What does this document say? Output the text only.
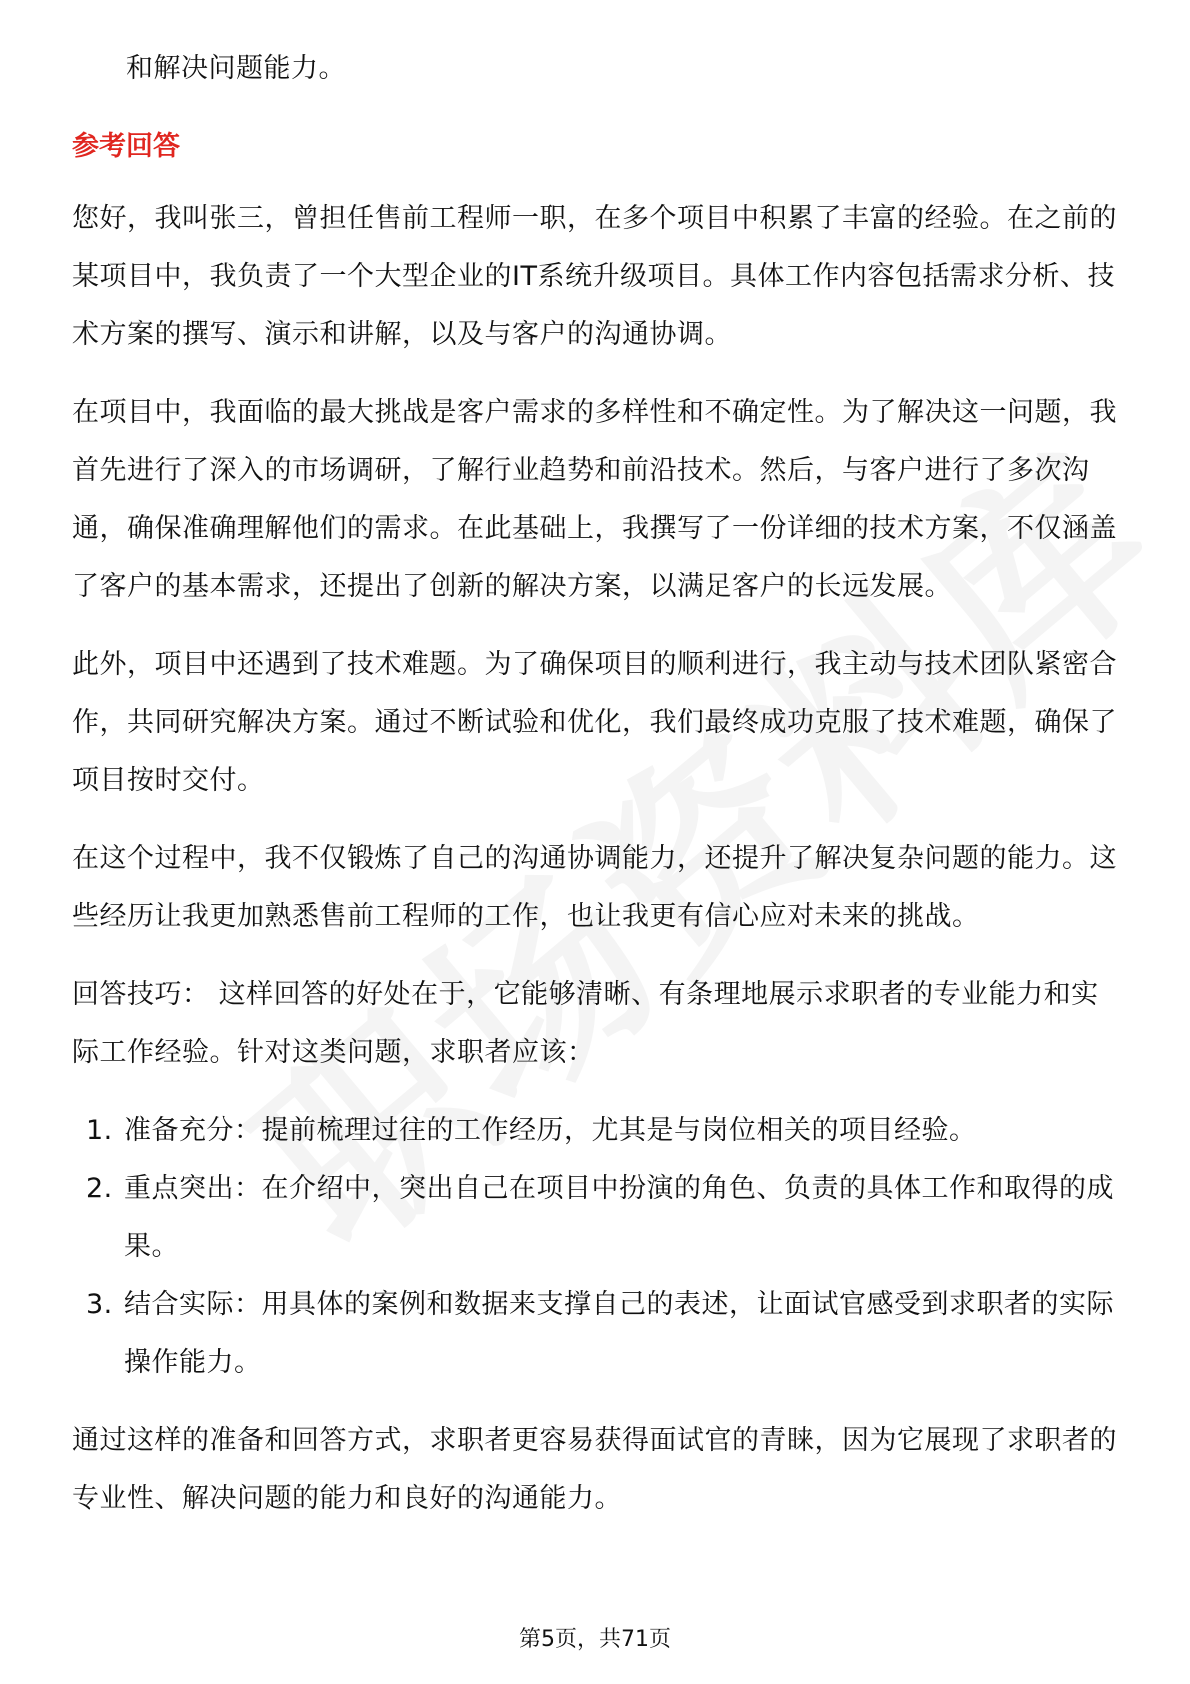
和解决问题能力。

参考回答

您好，我叫张三，曾担任售前工程师一职，在多个项目中积累了丰富的经验。在之前的某项目中，我负责了一个大型企业的IT系统升级项目。具体工作内容包括需求分析、技术方案的撰写、演示和讲解，以及与客户的沟通协调。

在项目中，我面临的最大挑战是客户需求的多样性和不确定性。为了解决这一问题，我首先进行了深入的市场调研，了解行业趋势和前沿技术。然后，与客户进行了多次沟通，确保准确理解他们的需求。在此基础上，我撰写了一份详细的技术方案，不仅涵盖了客户的基本需求，还提出了创新的解决方案，以满足客户的长远发展。

此外，项目中还遇到了技术难题。为了确保项目的顺利进行，我主动与技术团队紧密合作，共同研究解决方案。通过不断试验和优化，我们最终成功克服了技术难题，确保了项目按时交付。

在这个过程中，我不仅锻炼了自己的沟通协调能力，还提升了解决复杂问题的能力。这些经历让我更加熟悉售前工程师的工作，也让我更有信心应对未来的挑战。

回答技巧： 这样回答的好处在于，它能够清晰、有条理地展示求职者的专业能力和实际工作经验。针对这类问题，求职者应该：

1. 准备充分：提前梳理过往的工作经历，尤其是与岗位相关的项目经验。
2. 重点突出：在介绍中，突出自己在项目中扮演的角色、负责的具体工作和取得的成果。
3. 结合实际：用具体的案例和数据来支撑自己的表述，让面试官感受到求职者的实际操作能力。

通过这样的准备和回答方式，求职者更容易获得面试官的青睐，因为它展现了求职者的专业性、解决问题的能力和良好的沟通能力。

第5页，共71页
